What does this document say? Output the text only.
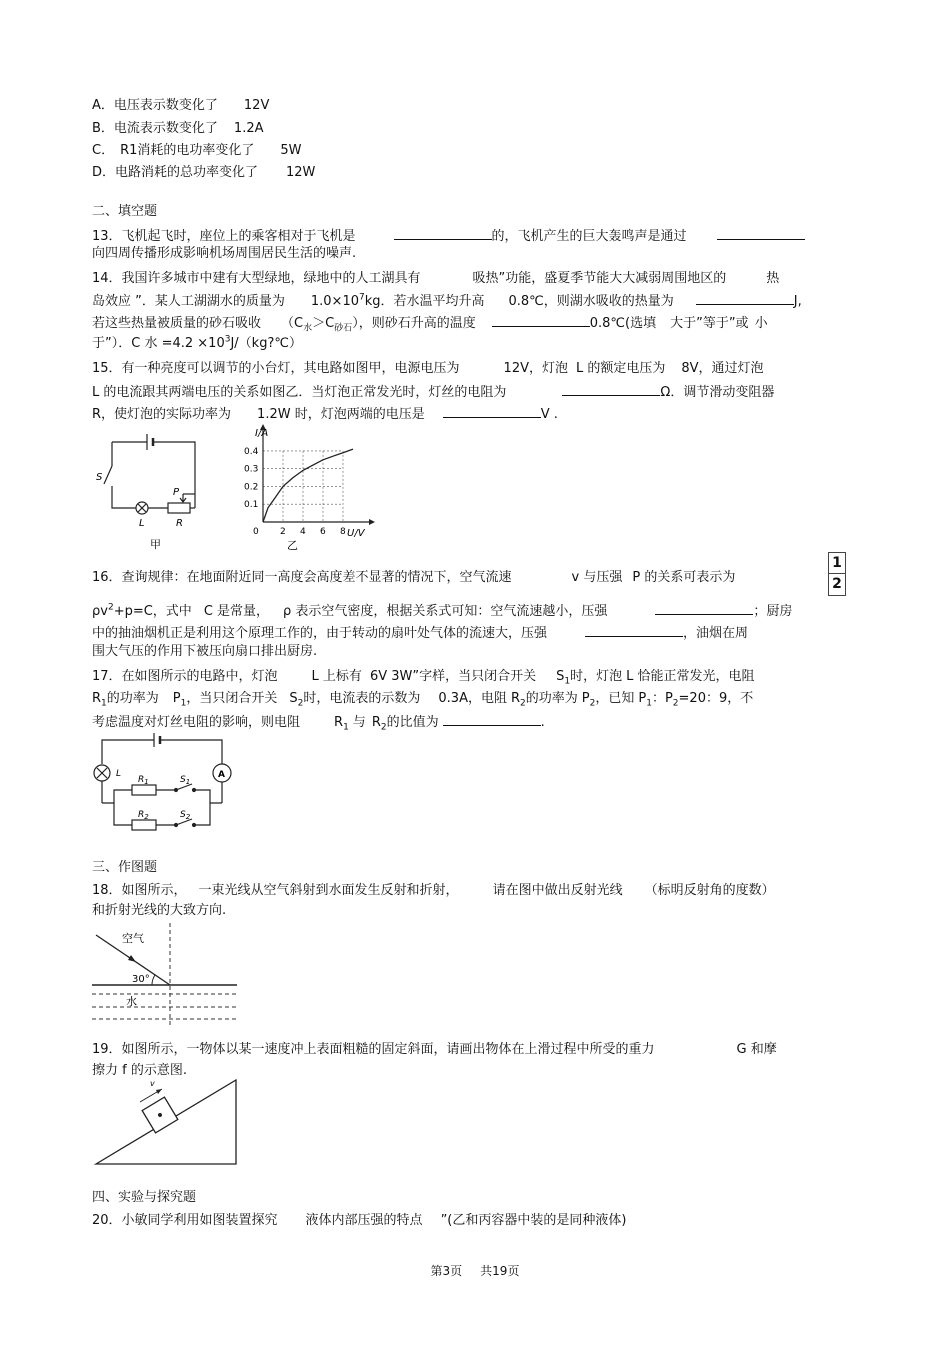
A．电压表示数变化了 12V
B．电流表示数变化了 1.2A
C． R1消耗的电功率变化了 5W
D．电路消耗的总功率变化了 12W
二、填空题
13．飞机起飞时，座位上的乘客相对于飞机是	的，飞机产生的巨大轰鸣声是通过
向四周传播形成影响机场周围居民生活的噪声.
14．我国许多城市中建有大型绿地，绿地中的人工湖具有	吸热”功能，盛夏季节能大大减弱周围地区的	热
岛效应 ”．某人工湖湖水的质量为 $1.0\times 10^7kg$．若水温平均升高 0.8℃，则湖水吸收的热量为	J,
若这些热量被质量的砂石吸收 $(C_水>C_{砂石})$，则砂石升高的温度	0.8℃(选填 大于”等于”或 小
于”）．C 水 $=4.2 \times 10^3J/(kg?℃)$
15．有一种亮度可以调节的小台灯，其电路如图甲，电源电压为	12V，灯泡 L 的额定电压为 8V，通过灯泡
L 的电流跟其两端电压的关系如图乙．当灯泡正常发光时，灯丝的电阻为	Ω．调节滑动变阻器
R，使灯泡的实际功率为 1.2W 时，灯泡两端的电压是	V .
S
L
P
R
甲
2 4 6 8
0.1
0.2
0.3
0.4
0
I/A
U/V
乙
16．查询规律：在地面附近同一高度会高度差不显著的情况下，空气流速	v 与压强 P 的关系可表示为
1
2
$\rho v^2+p=C$，式中 C 是常量， ρ 表示空气密度，根据关系式可知：空气流速越小，压强	；厨房
中的抽油烟机正是利用这个原理工作的，由于转动的扇叶处气体的流速大，压强	，油烟在周
围大气压的作用下被压向扇口排出厨房.
17．在如图所示的电路中，灯泡	L 上标有 6V 3W”字样，当只闭合开关 $S_1$时，灯泡 L 恰能正常发光，电阻
$R_1$的功率为 $P_1$，当只闭合开关 $S_2$时，电流表的示数为 0.3A，电阻 $R_2$的功率为 $P_2$，已知 $P_1$：$P_2=20$：9，不
考虑温度对灯丝电阻的影响，则电阻	$R_1$ 与 $R_2$的比值为	.
L	A
$R_1$
$R_2$
$S_1$
$S_2$
三、作图题
18．如图所示， 一束光线从空气斜射到水面发生反射和折射，	请在图中做出反射光线 （标明反射角的度数）
和折射光线的大致方向.
空气
30°
水
19．如图所示，一物体以某一速度冲上表面粗糙的固定斜面，请画出物体在上滑过程中所受的重力	G 和摩
擦力 f 的示意图.
v
四、实验与探究题
20．小敏同学利用如图装置探究 液体内部压强的特点 ”(乙和丙容器中装的是同种液体)
第3页 共19页
